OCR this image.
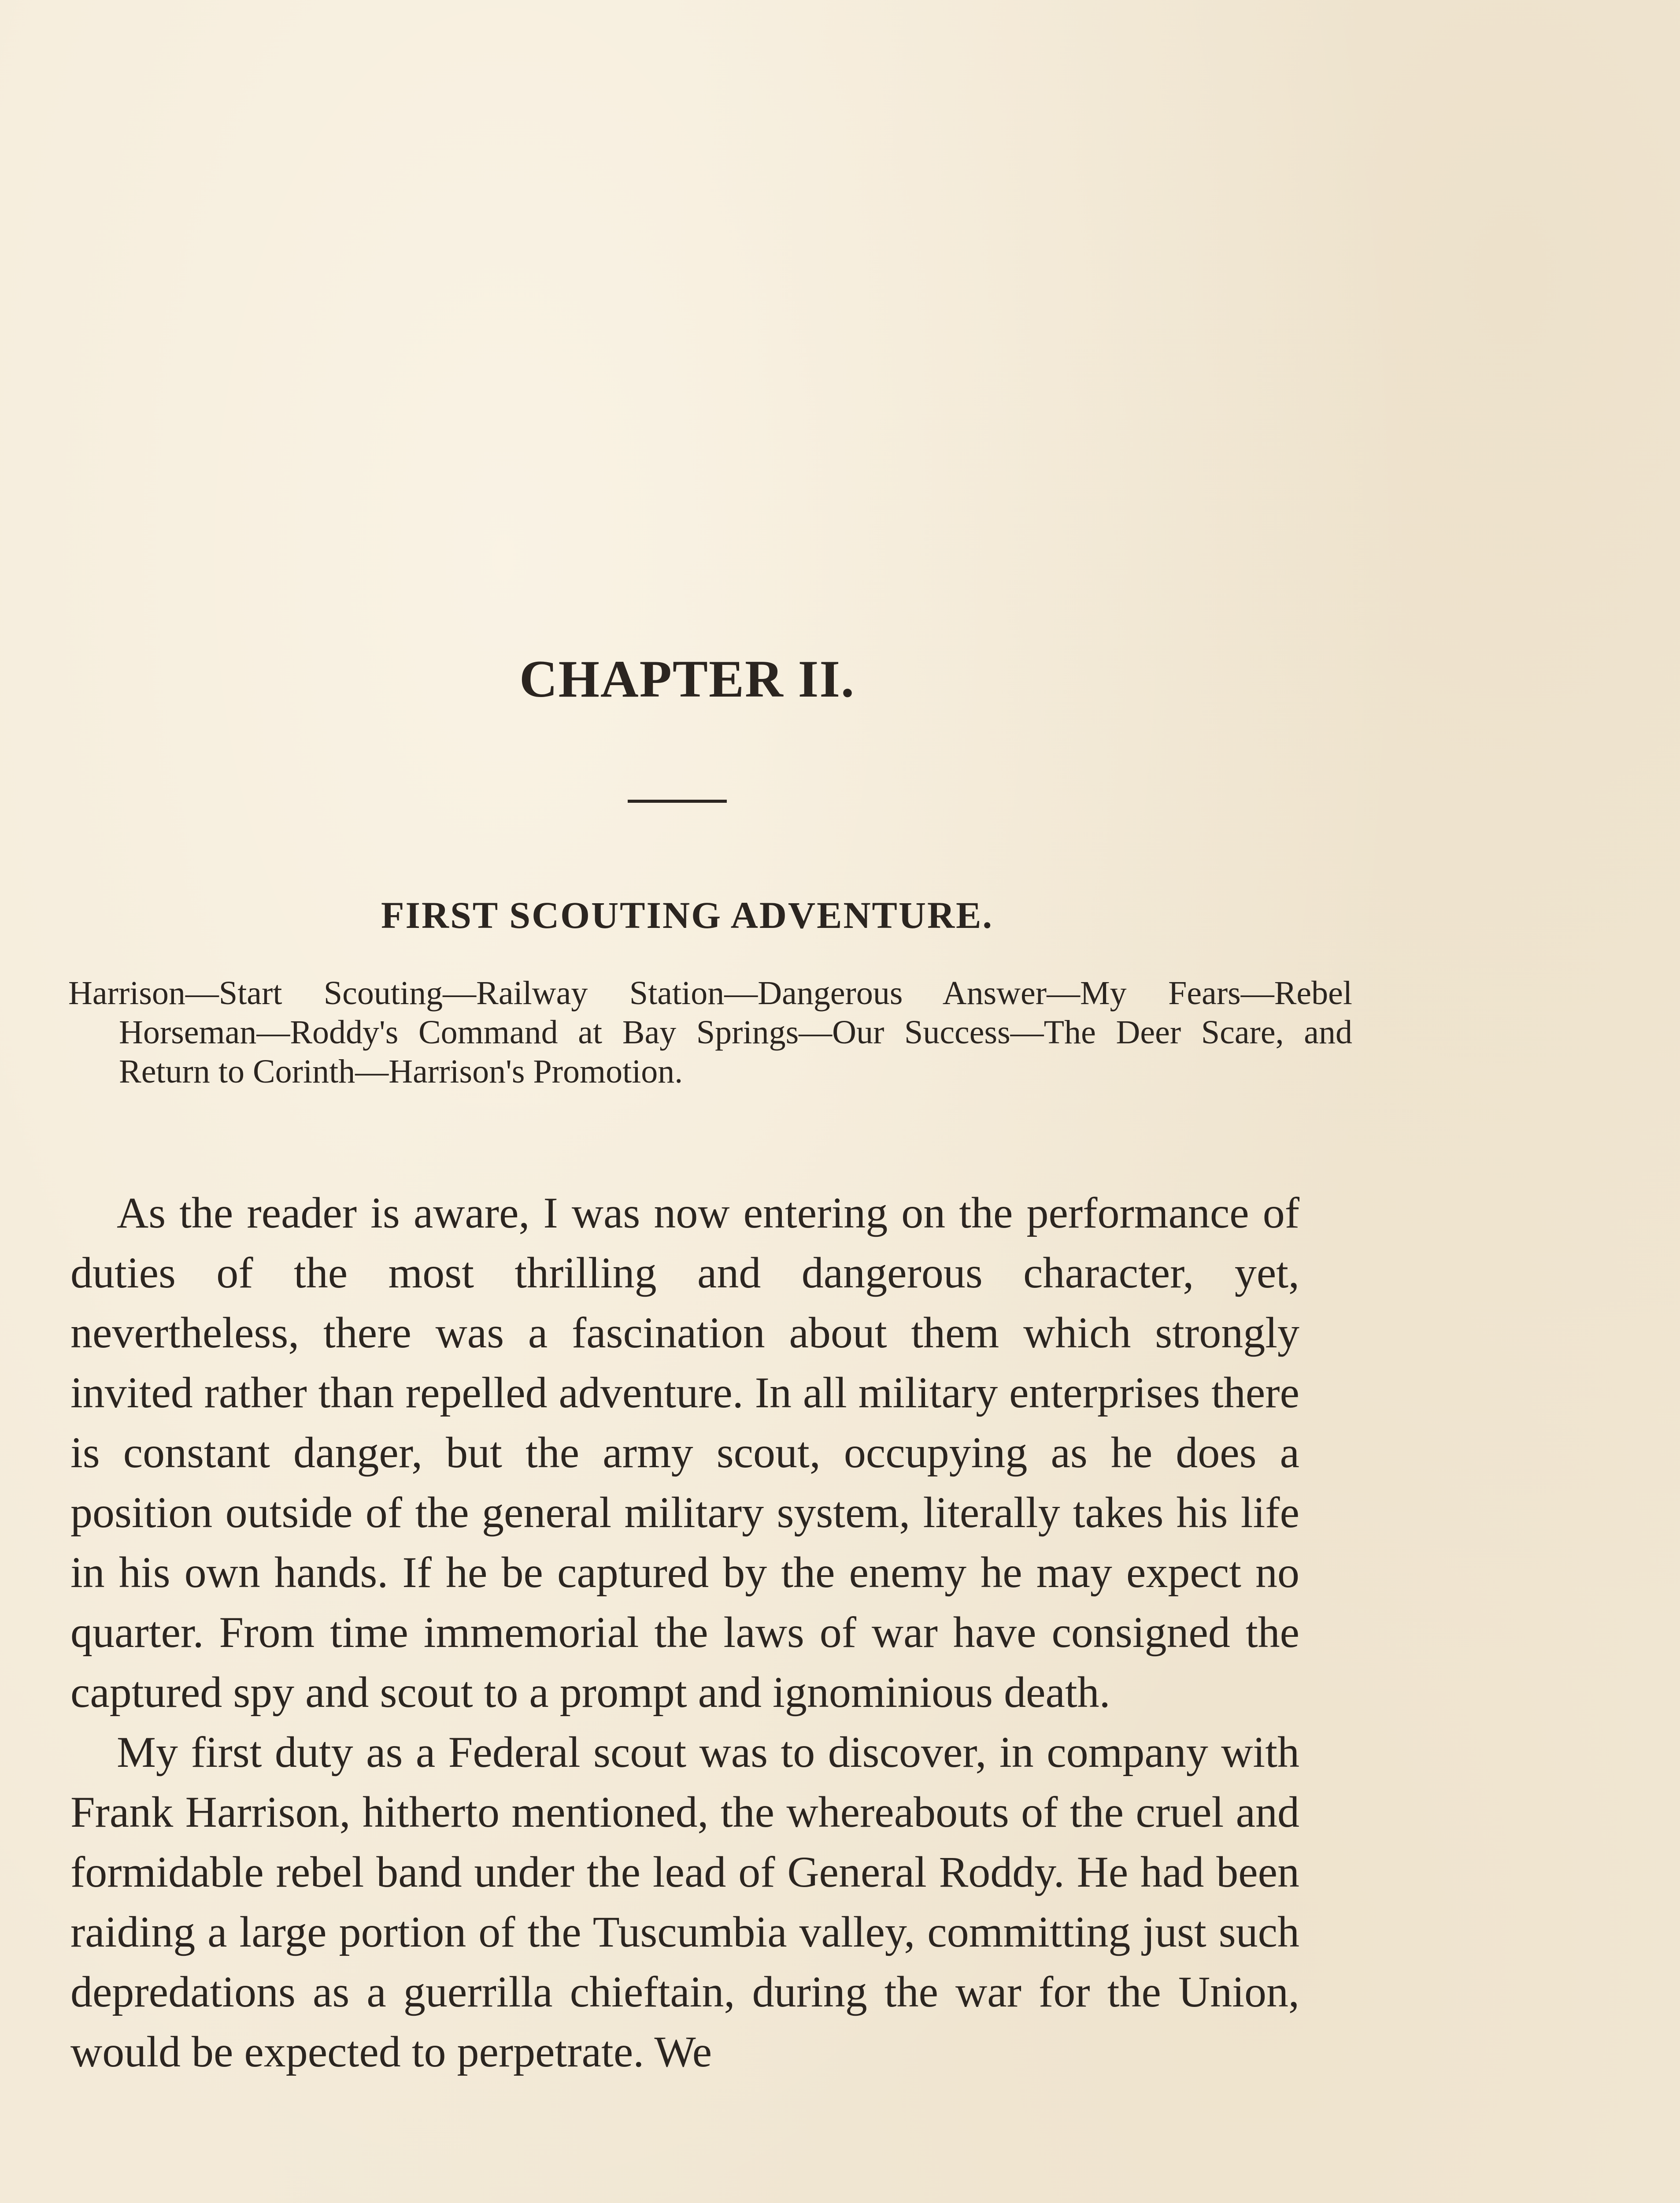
CHAPTER II.
FIRST SCOUTING ADVENTURE.

Harrison—Start Scouting—Railway Station—Dangerous Answer—My Fears—Rebel Horseman—Roddy's Command at Bay Springs—Our Success—The Deer Scare, and Return to Corinth—Harrison's Promotion.

As the reader is aware, I was now entering on the performance of duties of the most thrilling and dangerous character, yet, nevertheless, there was a fascination about them which strongly invited rather than repelled adventure. In all military enterprises there is constant danger, but the army scout, occupying as he does a position outside of the general military system, literally takes his life in his own hands. If he be captured by the enemy he may expect no quarter. From time immemorial the laws of war have consigned the captured spy and scout to a prompt and ignominious death.

My first duty as a Federal scout was to discover, in company with Frank Harrison, hitherto mentioned, the whereabouts of the cruel and formidable rebel band under the lead of General Roddy. He had been raiding a large portion of the Tuscumbia valley, committing just such depredations as a guerrilla chieftain, during the war for the Union, would be expected to perpetrate. We
